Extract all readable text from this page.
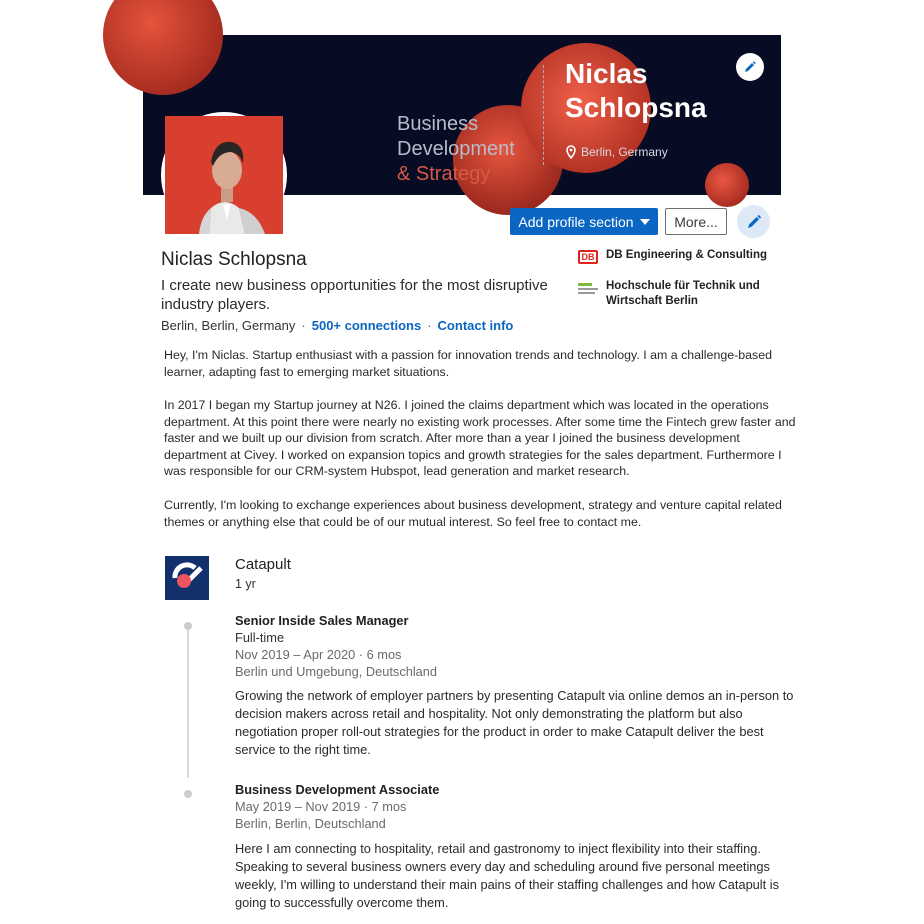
Business
Development
& Strategy
Niclas
Schlopsna
Berlin, Germany
Add profile section	More...
Niclas Schlopsna
I create new business opportunities for the most disruptive industry players.
Berlin, Berlin, Germany · 500+ connections · Contact info
DB	DB Engineering & Consulting
Hochschule für Technik und Wirtschaft Berlin
Hey, I'm Niclas. Startup enthusiast with a passion for innovation trends and technology. I am a challenge-based learner, adapting fast to emerging market situations.
In 2017 I began my Startup journey at N26. I joined the claims department which was located in the operations department. At this point there were nearly no existing work processes. After some time the Fintech grew faster and faster and we built up our division from scratch. After more than a year I joined the business development department at Civey. I worked on expansion topics and growth strategies for the sales department. Furthermore I was responsible for our CRM-system Hubspot, lead generation and market research.
Currently, I'm looking to exchange experiences about business development, strategy and venture capital related themes or anything else that could be of our mutual interest. So feel free to contact me.
Catapult
1 yr
Senior Inside Sales Manager
Full-time
Nov 2019 – Apr 2020 · 6 mos
Berlin und Umgebung, Deutschland
Growing the network of employer partners by presenting Catapult via online demos an in-person to decision makers across retail and hospitality. Not only demonstrating the platform but also negotiation proper roll-out strategies for the product in order to make Catapult deliver the best service to the right time.
Business Development Associate
May 2019 – Nov 2019 · 7 mos
Berlin, Berlin, Deutschland
Here I am connecting to hospitality, retail and gastronomy to inject flexibility into their staffing. Speaking to several business owners every day and scheduling around five personal meetings weekly, I'm willing to understand their main pains of their staffing challenges and how Catapult is going to successfully overcome them.
